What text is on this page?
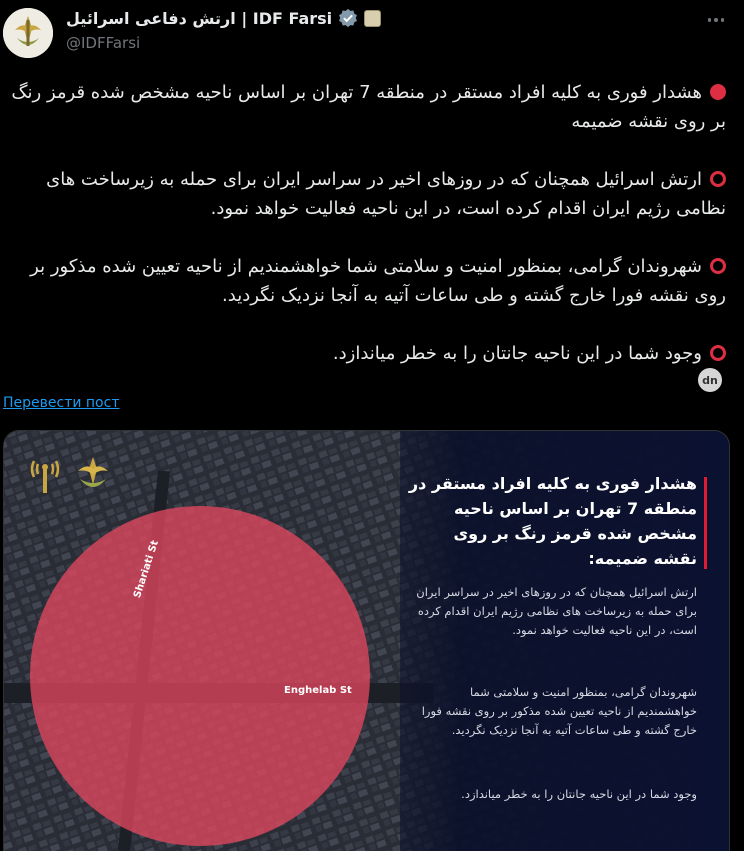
ارتش دفاعی اسرائیل | IDF Farsi
@IDFFarsi

هشدار فوری به کلیه افراد مستقر در منطقه 7 تهران بر اساس ناحیه مشخص شده قرمز رنگ بر روی نقشه ضمیمه

ارتش اسرائیل همچنان که در روزهای اخیر در سراسر ایران برای حمله به زیرساخت های نظامی رژیم ایران اقدام کرده است، در این ناحیه فعالیت خواهد نمود.

شهروندان گرامی، بمنظور امنیت و سلامتی شما خواهشمندیم از ناحیه تعیین شده مذکور بر روی نقشه فورا خارج گشته و طی ساعات آتیه به آنجا نزدیک نگردید.

وجود شما در این ناحیه جانتان را به خطر میاندازد.

Перевести пост
Shariati St
Enghelab St
هشدار فوری به کلیه افراد مستقر در منطقه 7 تهران بر اساس ناحیه مشخص شده قرمز رنگ بر روی نقشه ضمیمه:
ارتش اسرائیل همچنان که در روزهای اخیر در سراسر ایران برای حمله به زیرساخت های نظامی رژیم ایران اقدام کرده است، در این ناحیه فعالیت خواهد نمود.
شهروندان گرامی، بمنظور امنیت و سلامتی شما خواهشمندیم از ناحیه تعیین شده مذکور بر روی نقشه فورا خارج گشته و طی ساعات آتیه به آنجا نزدیک نگردید.
وجود شما در این ناحیه جانتان را به خطر میاندازد.
dn
